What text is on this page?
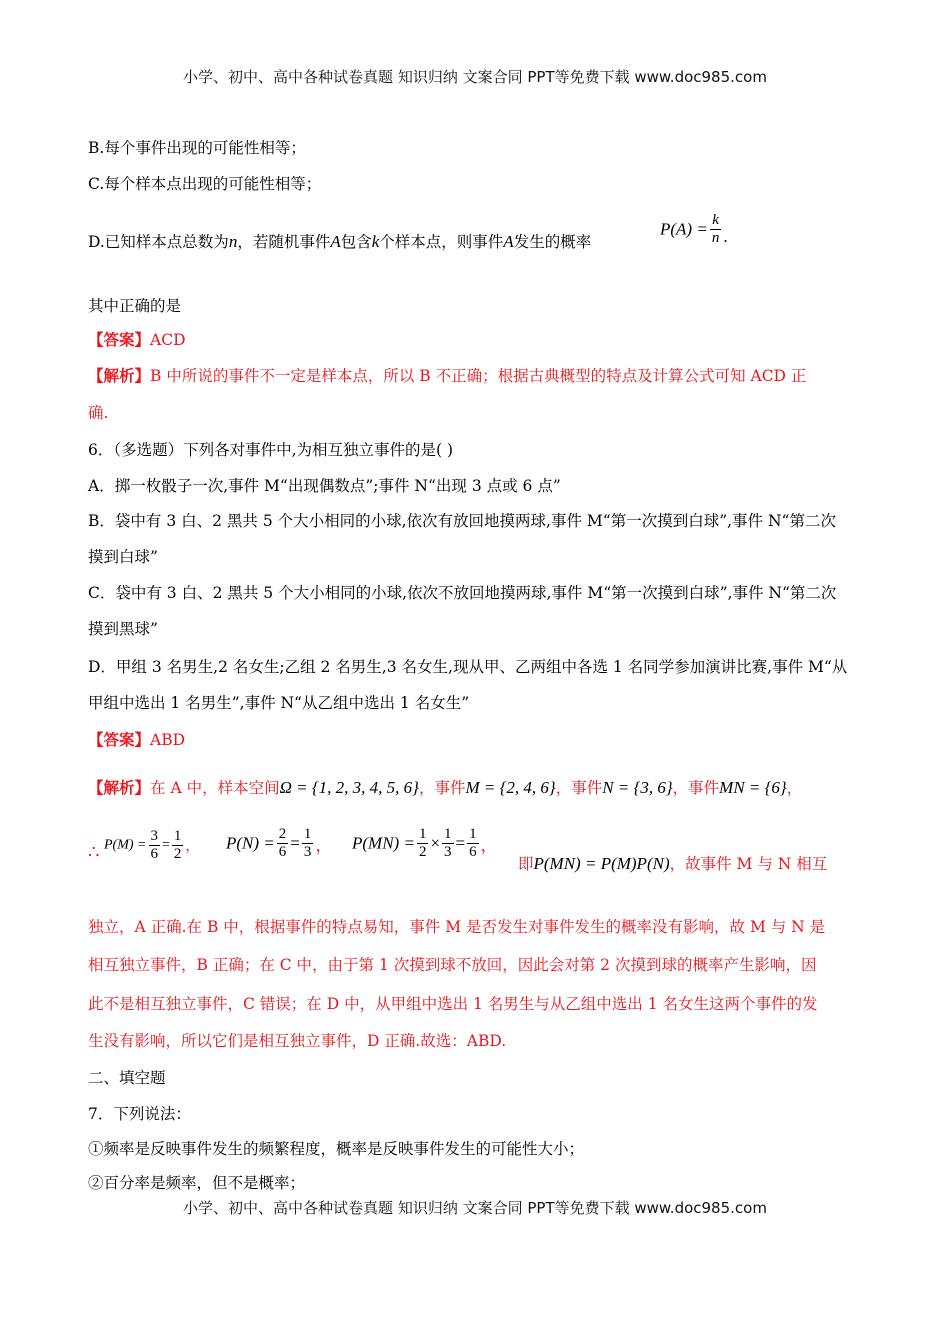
小学、初中、高中各种试卷真题 知识归纳 文案合同 PPT等免费下载 www.doc985.com
B.每个事件出现的可能性相等；
C.每个样本点出现的可能性相等；
D.已知样本点总数为n，若随机事件A包含k个样本点，则事件A发生的概率
$P(A) = \frac{k}{n}$ .
其中正确的是
【答案】ACD
【解析】B 中所说的事件不一定是样本点，所以 B 不正确；根据古典概型的特点及计算公式可知 ACD 正
确.
6．（多选题）下列各对事件中,为相互独立事件的是( )
A．掷一枚骰子一次,事件 M“出现偶数点”;事件 N“出现 3 点或 6 点”
B．袋中有 3 白、2 黑共 5 个大小相同的小球,依次有放回地摸两球,事件 M“第一次摸到白球”,事件 N“第二次
摸到白球”
C．袋中有 3 白、2 黑共 5 个大小相同的小球,依次不放回地摸两球,事件 M“第一次摸到白球”,事件 N“第二次
摸到黑球”
D．甲组 3 名男生,2 名女生;乙组 2 名男生,3 名女生,现从甲、乙两组中各选 1 名同学参加演讲比赛,事件 M“从
甲组中选出 1 名男生”,事件 N“从乙组中选出 1 名女生”
【答案】ABD
【解析】在 A 中，样本空间Ω = {1, 2, 3, 4, 5, 6}，事件M = {2, 4, 6}，事件N = {3, 6}，事件MN = {6}，
∴ $P(M) = \frac{3}{6} = \frac{1}{2}$ ， $P(N) = \frac{2}{6} = \frac{1}{3}$ ， $P(MN) = \frac{1}{2} \times \frac{1}{3} = \frac{1}{6}$ ，
即P(MN) = P(M)P(N)，故事件 M 与 N 相互
独立，A 正确.在 B 中，根据事件的特点易知，事件 M 是否发生对事件发生的概率没有影响，故 M 与 N 是
相互独立事件，B 正确；在 C 中，由于第 1 次摸到球不放回，因此会对第 2 次摸到球的概率产生影响，因
此不是相互独立事件，C 错误；在 D 中，从甲组中选出 1 名男生与从乙组中选出 1 名女生这两个事件的发
生没有影响，所以它们是相互独立事件，D 正确.故选：ABD.
二、填空题
7．下列说法：
①频率是反映事件发生的频繁程度，概率是反映事件发生的可能性大小；
②百分率是频率，但不是概率；
小学、初中、高中各种试卷真题 知识归纳 文案合同 PPT等免费下载 www.doc985.com
